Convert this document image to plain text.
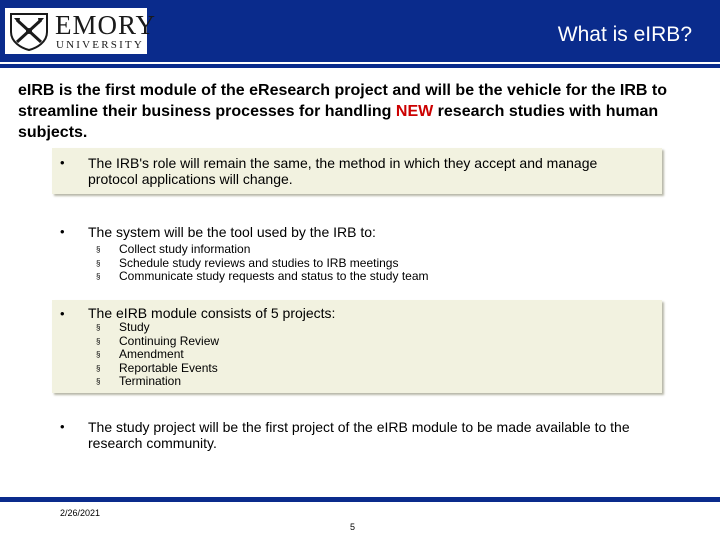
EMORY
UNIVERSITY	What is eIRB?
eIRB is the first module of the eResearch project and will be the vehicle for the IRB to streamline their business processes for handling NEW research studies with human subjects.
• The IRB's role will remain the same, the method in which they accept and manage protocol applications will change.
• The system will be the tool used by the IRB to:
§	Collect study information
§	Schedule study reviews and studies to IRB meetings
§	Communicate study requests and status to the study team
• The eIRB module consists of 5 projects:
§	Study
§	Continuing Review
§	Amendment
§	Reportable Events
§	Termination
• The study project will be the first project of the eIRB module to be made available to the research community.
2/26/2021
5
